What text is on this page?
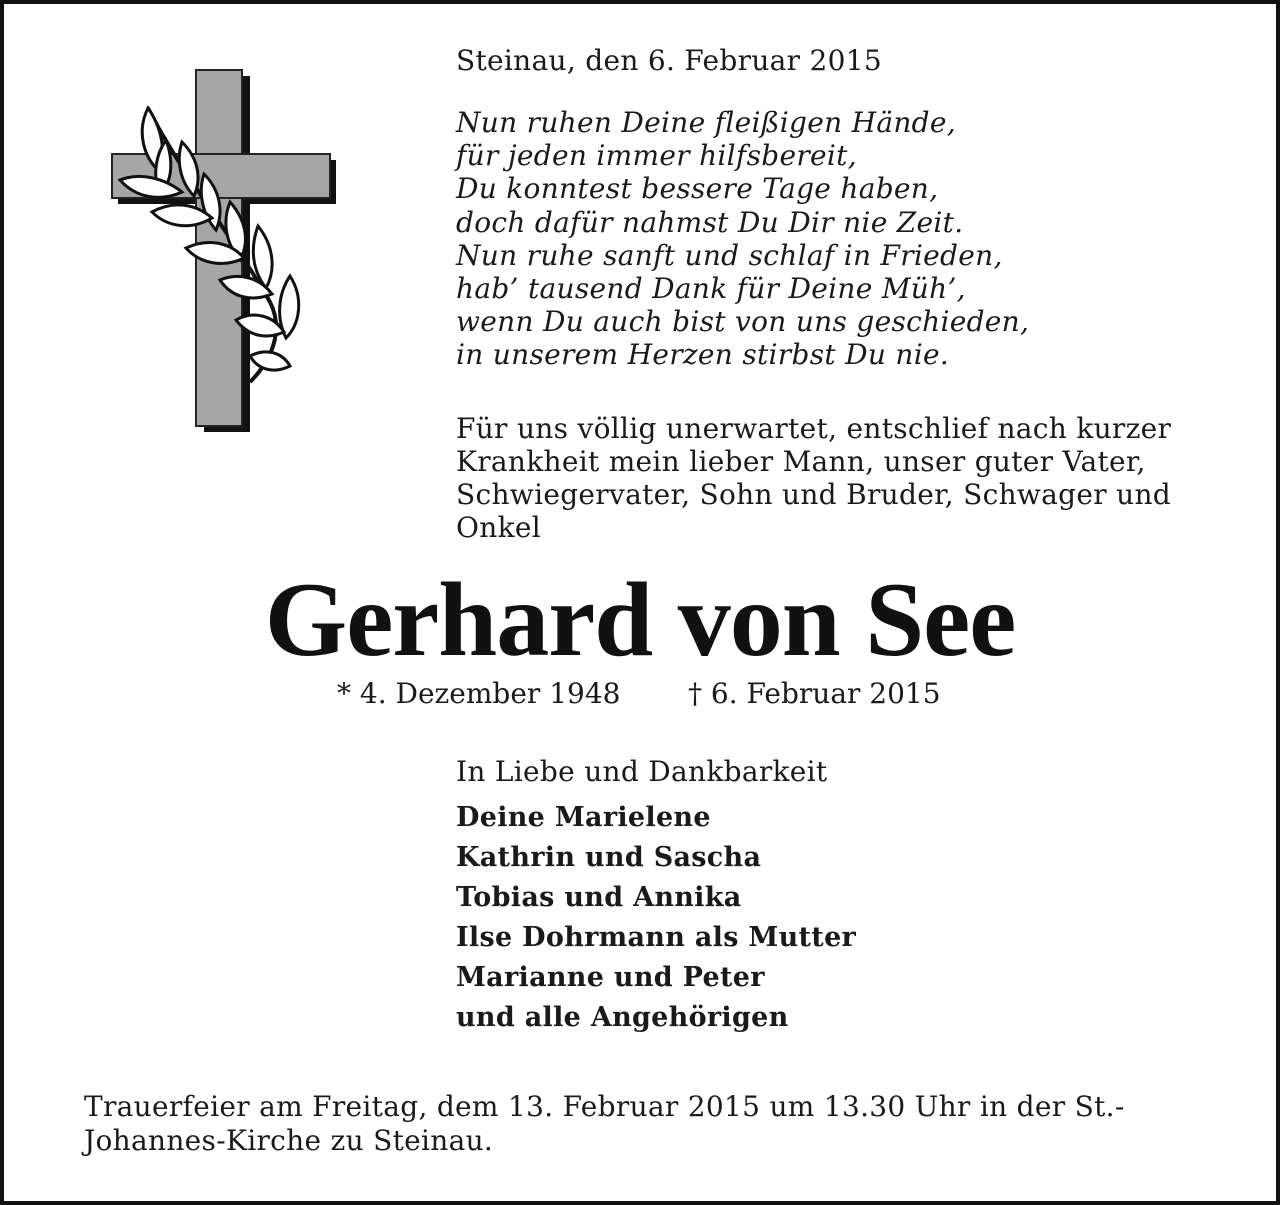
Steinau, den 6. Februar 2015
Nun ruhen Deine fleißigen Hände,
für jeden immer hilfsbereit,
Du konntest bessere Tage haben,
doch dafür nahmst Du Dir nie Zeit.
Nun ruhe sanft und schlaf in Frieden,
hab’ tausend Dank für Deine Müh’,
wenn Du auch bist von uns geschieden,
in unserem Herzen stirbst Du nie.
Für uns völlig unerwartet, entschlief nach kurzer
Krankheit mein lieber Mann, unser guter Vater,
Schwiegervater, Sohn und Bruder, Schwager und
Onkel
Gerhard von See
* 4. Dezember 1948 † 6. Februar 2015
In Liebe und Dankbarkeit
Deine Marielene
Kathrin und Sascha
Tobias und Annika
Ilse Dohrmann als Mutter
Marianne und Peter
und alle Angehörigen
Trauerfeier am Freitag, dem 13. Februar 2015 um 13.30 Uhr in der St.-
Johannes-Kirche zu Steinau.
